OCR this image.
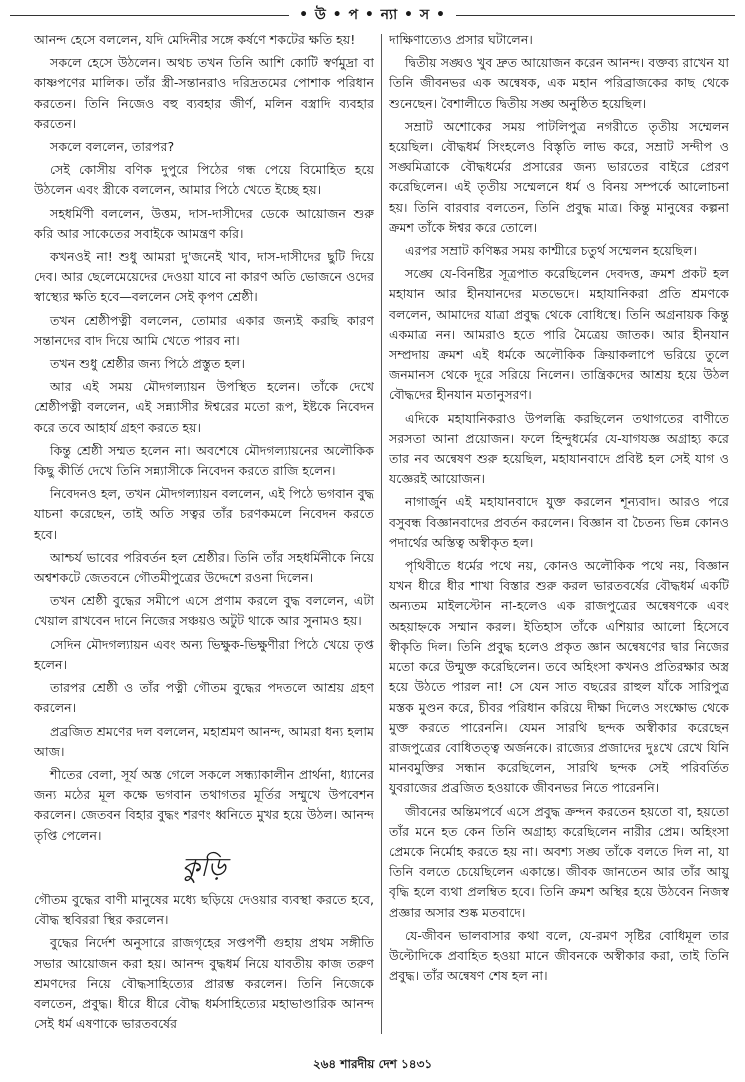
• উ • প • ন্যা • স •

আনন্দ হেসে বললেন, যদি মেদিনীর সঙ্গে কর্ষণে শকটের ক্ষতি হয়!

সকলে হেসে উঠলেন। অথচ তখন তিনি আশি কোটি স্বর্ণমুদ্রা বা কাষ্ণপণের মালিক। তাঁর স্ত্রী-সন্তানরাও দরিদ্রতমের পোশাক পরিধান করতেন। তিনি নিজেও বহু ব্যবহার জীর্ণ, মলিন বস্ত্রাদি ব্যবহার করতেন।

সকলে বললেন, তারপর?

সেই কোসীয় বণিক দুপুরে পিঠের গন্ধ পেয়ে বিমোহিত হয়ে উঠলেন এবং স্ত্রীকে বললেন, আমার পিঠে খেতে ইচ্ছে হয়।

সহধর্মিণী বললেন, উত্তম, দাস-দাসীদের ডেকে আয়োজন শুরু করি আর সাকেতের সবাইকে আমন্ত্রণ করি।

কখনওই না! শুধু আমরা দু'জনেই খাব, দাস-দাসীদের ছুটি দিয়ে দেব। আর ছেলেমেয়েদের দেওয়া যাবে না কারণ অতি ভোজনে ওদের স্বাস্থ্যের ক্ষতি হবে—বললেন সেই কৃপণ শ্রেষ্ঠী।

তখন শ্রেষ্ঠীপত্নী বললেন, তোমার একার জন্যই করছি কারণ সন্তানদের বাদ দিয়ে আমি খেতে পারব না।

তখন শুধু শ্রেষ্ঠীর জন্য পিঠে প্রস্তুত হল।

আর এই সময় মৌদগল্যায়ন উপস্থিত হলেন। তাঁকে দেখে শ্রেষ্ঠীপত্নী বললেন, এই সন্ন্যাসীর ঈশ্বরের মতো রূপ, ইষ্টকে নিবেদন করে তবে আহার্য গ্রহণ করতে হয়।

কিন্তু শ্রেষ্ঠী সম্মত হলেন না। অবশেষে মৌদগল্যায়নের অলৌকিক কিছু কীর্তি দেখে তিনি সন্ন্যাসীকে নিবেদন করতে রাজি হলেন।

নিবেদনও হল, তখন মৌদগল্যায়ন বললেন, এই পিঠে ভগবান বুদ্ধ যাচনা করেছেন, তাই অতি সত্বর তাঁর চরণকমলে নিবেদন করতে হবে।

আশ্চর্য ভাবের পরিবর্তন হল শ্রেষ্ঠীর। তিনি তাঁর সহধর্মিনীকে নিয়ে অশ্বশকটে জেতবনে গৌতমীপুত্রের উদ্দেশে রওনা দিলেন।

তখন শ্রেষ্ঠী বুদ্ধের সমীপে এসে প্রণাম করলে বুদ্ধ বললেন, এটা খেয়াল রাখবেন দানে নিজের সঞ্চয়ও অটুট থাকে আর সুনামও হয়।

সেদিন মৌদগল্যায়ন এবং অন্য ভিক্ষুক-ভিক্ষুণীরা পিঠে খেয়ে তৃপ্ত হলেন।

তারপর শ্রেষ্ঠী ও তাঁর পত্নী গৌতম বুদ্ধের পদতলে আশ্রয় গ্রহণ করলেন।

প্রব্রজিত শ্রমণের দল বললেন, মহাশ্রমণ আনন্দ, আমরা ধন্য হলাম আজ।

শীতের বেলা, সূর্য অস্ত গেলে সকলে সন্ধ্যাকালীন প্রার্থনা, ধ্যানের জন্য মঠের মূল কক্ষে ভগবান তথাগতর মূর্তির সম্মুখে উপবেশন করলেন। জেতবন বিহার বুদ্ধং শরণং ধ্বনিতে মুখর হয়ে উঠল। আনন্দ তৃপ্তি পেলেন।

কুড়ি

গৌতম বুদ্ধের বাণী মানুষের মধ্যে ছড়িয়ে দেওয়ার ব্যবস্থা করতে হবে, বৌদ্ধ স্থবিররা স্থির করলেন।

বুদ্ধের নির্দেশ অনুসারে রাজগৃহের সপ্তপর্ণী গুহায় প্রথম সঙ্গীতি সভার আয়োজন করা হয়। আনন্দ বুদ্ধধর্ম নিয়ে যাবতীয় কাজ তরুণ শ্রমণদের নিয়ে বৌদ্ধসাহিত্যের প্রারম্ভ করলেন। তিনি নিজেকে বলতেন, প্রবুদ্ধ। ধীরে ধীরে বৌদ্ধ ধর্মসাহিত্যের মহাভাণ্ডারিক আনন্দ সেই ধর্ম এষণাকে ভারতবর্ষের

দাক্ষিণাত্যেও প্রসার ঘটালেন।

দ্বিতীয় সঙ্ঘও খুব দ্রুত আয়োজন করেন আনন্দ। বক্তব্য রাখেন যা তিনি জীবনভর এক অন্বেষক, এক মহান পরিব্রাজকের কাছ থেকে শুনেছেন। বৈশালীতে দ্বিতীয় সঙ্ঘ অনুষ্ঠিত হয়েছিল।

সম্রাট অশোকের সময় পাটলিপুত্র নগরীতে তৃতীয় সম্মেলন হয়েছিল। বৌদ্ধধর্ম সিংহলেও বিস্তৃতি লাভ করে, সম্রাট সন্দীপ ও সঙ্ঘমিত্রাকে বৌদ্ধধর্মের প্রসারের জন্য ভারতের বাইরে প্রেরণ করেছিলেন। এই তৃতীয় সম্মেলনে ধর্ম ও বিনয় সম্পর্কে আলোচনা হয়। তিনি বারবার বলতেন, তিনি প্রবুদ্ধ মাত্র। কিন্তু মানুষের কল্পনা ক্রমশ তাঁকে ঈশ্বর করে তোলে।

এরপর সম্রাট কণিষ্কর সময় কাশ্মীরে চতুর্থ সম্মেলন হয়েছিল।

সঙ্ঘে যে-বিনষ্টির সূত্রপাত করেছিলেন দেবদত্ত, ক্রমশ প্রকট হল মহাযান আর হীনযানদের মতভেদে। মহাযানিকরা প্রতি শ্রমণকে বললেন, আমাদের যাত্রা প্রবুদ্ধ থেকে বোধিস্থে। তিনি অগ্রনায়ক কিন্তু একমাত্র নন। আমরাও হতে পারি মৈত্রেয় জাতক। আর হীনযান সম্প্রদায় ক্রমশ এই ধর্মকে অলৌকিক ক্রিয়াকলাপে ভরিয়ে তুলে জনমানস থেকে দূরে সরিয়ে নিলেন। তান্ত্রিকদের আশ্রয় হয়ে উঠল বৌদ্ধদের হীনযান মতানুসরণ।

এদিকে মহাযানিকরাও উপলব্ধি করছিলেন তথাগতের বাণীতে সরসতা আনা প্রয়োজন। ফলে হিন্দুধর্মের যে-যাগযজ্ঞ অগ্রাহ্য করে তার নব অন্বেষণ শুরু হয়েছিল, মহাযানবাদে প্রবিষ্ট হল সেই যাগ ও যজ্ঞেরই আয়োজন।

নাগার্জুন এই মহাযানবাদে যুক্ত করলেন শূন্যবাদ। আরও পরে বসুবন্ধ বিজ্ঞানবাদের প্রবর্তন করলেন। বিজ্ঞান বা চৈতন্য ভিন্ন কোনও পদার্থের অস্তিত্ব অস্বীকৃত হল।

পৃথিবীতে ধর্মের পথে নয়, কোনও অলৌকিক পথে নয়, বিজ্ঞান যখন ধীরে ধীর শাখা বিস্তার শুরু করল ভারতবর্ষের বৌদ্ধধর্ম একটি অন্যতম মাইলস্টোন না-হলেও এক রাজপুত্রের অন্বেষণকে এবং অহয়াহ্নকে সম্মান করল। ইতিহাস তাঁকে এশিয়ার আলো হিসেবে স্বীকৃতি দিল। তিনি প্রবুদ্ধ হলেও প্রকৃত জ্ঞান অন্বেষণের দ্বার নিজের মতো করে উন্মুক্ত করেছিলেন। তবে অহিংসা কখনও প্রতিরক্ষার অস্ত্র হয়ে উঠতে পারল না! সে যেন সাত বছরের রাহুল যাঁকে সারিপুত্র মস্তক মুণ্ডন করে, চীবর পরিধান করিয়ে দীক্ষা দিলেও সংক্ষোভ থেকে মুক্ত করতে পারেননি। যেমন সারথি ছন্দক অস্বীকার করেছেন রাজপুত্রের বোধিতত্ত্ব অর্জনকে। রাজ্যের প্রজাদের দুঃখে রেখে যিনি মানবমুক্তির সন্ধান করেছিলেন, সারথি ছন্দক সেই পরিবর্তিত যুবরাজের প্রব্রজিত হওয়াকে জীবনভর নিতে পারেননি।

জীবনের অন্তিমপর্বে এসে প্রবুদ্ধ ক্রন্দন করতেন হয়তো বা, হয়তো তাঁর মনে হত কেন তিনি অগ্রাহ্য করেছিলেন নারীর প্রেম। অহিংসা প্রেমকে নির্মোহ করতে হয় না। অবশ্য সঙ্ঘ তাঁকে বলতে দিল না, যা তিনি বলতে চেয়েছিলেন একান্তে। জীবক জানতেন আর তাঁর আয়ু বৃদ্ধি হলে ব্যথা প্রলম্বিত হবে। তিনি ক্রমশ অস্থির হয়ে উঠবেন নিজস্ব প্রজ্ঞার অসার শুষ্ক মতবাদে।

যে-জীবন ভালবাসার কথা বলে, যে-রমণ সৃষ্টির বোধিমূল তার উল্টোদিকে প্রবাহিত হওয়া মানে জীবনকে অস্বীকার করা, তাই তিনি প্রবুদ্ধ। তাঁর অন্বেষণ শেষ হল না।

২৬৪ শারদীয় দেশ ১৪৩১
